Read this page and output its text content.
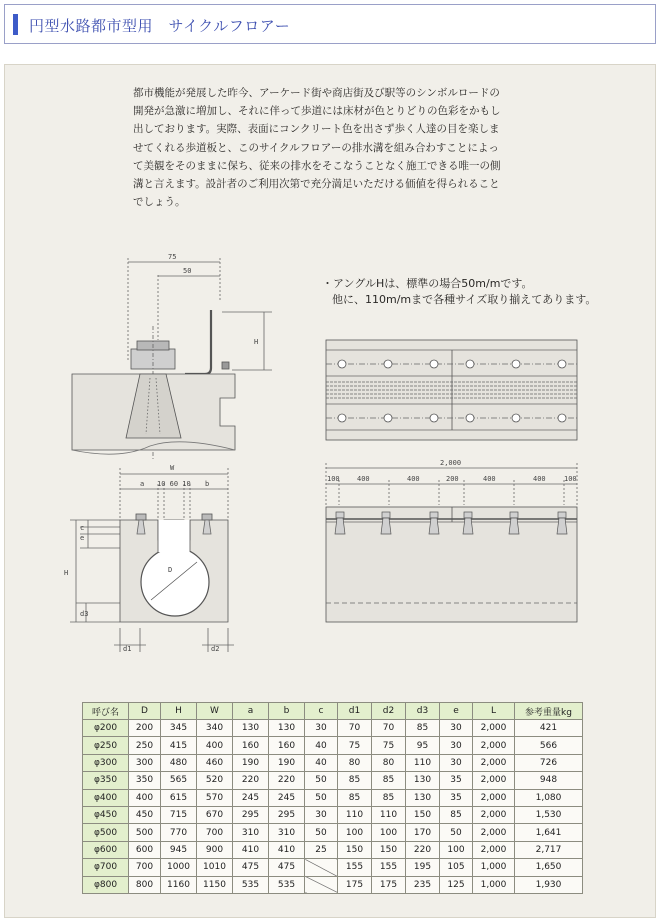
円型水路都市型用　サイクルフロアー

都市機能が発展した昨今、アーケード街や商店街及び駅等のシンボルロードの

開発が急激に増加し、それに伴って歩道には床材が色とりどりの色彩をかもし

出しております。実際、表面にコンクリート色を出さず歩く人達の目を楽しま

せてくれる歩道板と、このサイクルフロアーの排水溝を組み合わすことによっ

て美観をそのままに保ち、従来の排水をそこなうことなく施工できる唯一の側

溝と言えます。設計者のご利用次第で充分満足いただける価値を得られること

でしょう。

・アングルHは、標準の場合50m/mです。
他に、110m/mまで各種サイズ取り揃えてあります。
75
50
H
W
a 10 60 10 b
e
c
H	D
d3
d1	d2
2,000
100 400	400	200	400	400	100
呼び名	D	H	W	a	b	c	d1	d2	d3	e	L	参考重量kg
φ200	200	345	340	130	130	30	70	70	85	30	2,000	421
φ250	250	415	400	160	160	40	75	75	95	30	2,000	566
φ300	300	480	460	190	190	40	80	80	110	30	2,000	726
φ350	350	565	520	220	220	50	85	85	130	35	2,000	948
φ400	400	615	570	245	245	50	85	85	130	35	2,000	1,080
φ450	450	715	670	295	295	30	110	110	150	85	2,000	1,530
φ500	500	770	700	310	310	50	100	100	170	50	2,000	1,641
φ600	600	945	900	410	410	25	150	150	220	100	2,000	2,717
φ700	700	1000	1010	475	475		155	155	195	105	1,000	1,650
φ800	800	1160	1150	535	535		175	175	235	125	1,000	1,930
